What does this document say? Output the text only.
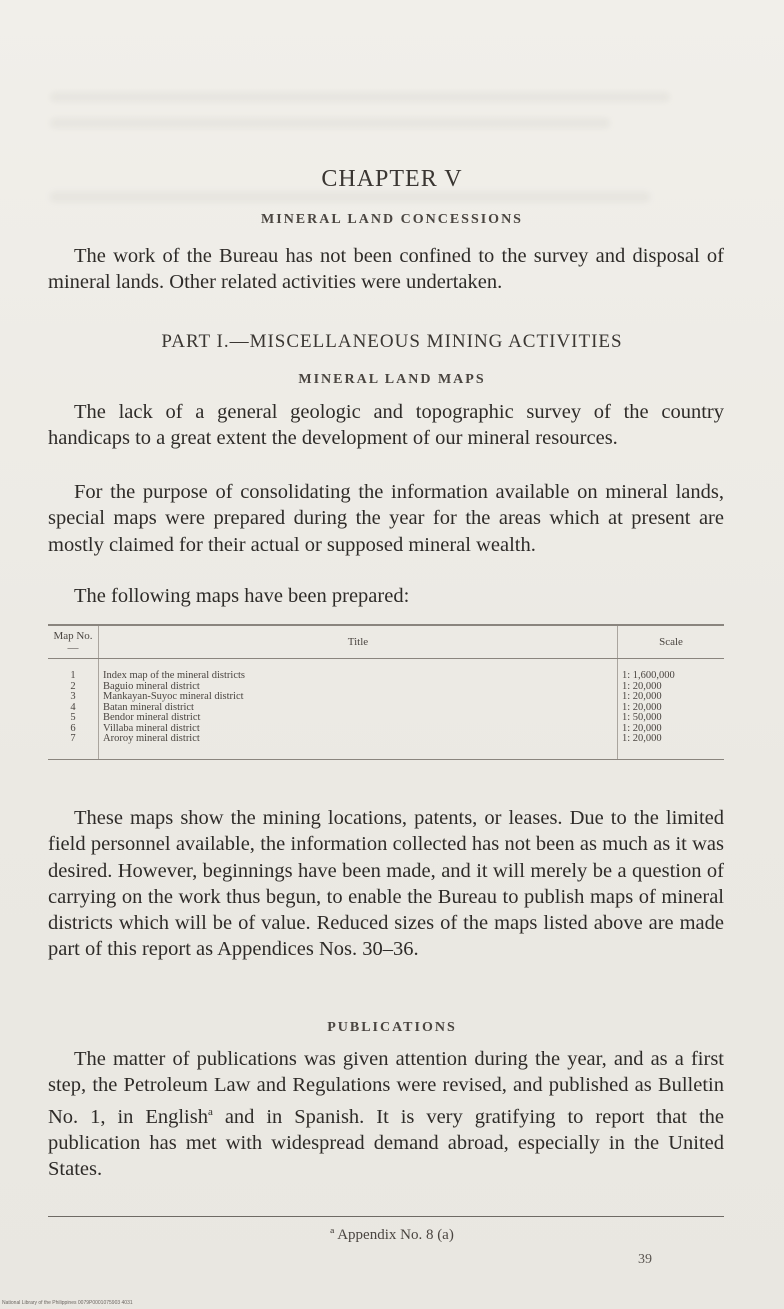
CHAPTER V
MINERAL LAND CONCESSIONS

The work of the Bureau has not been confined to the survey and disposal of mineral lands. Other related activities were undertaken.

PART I.—MISCELLANEOUS MINING ACTIVITIES
MINERAL LAND MAPS

The lack of a general geologic and topographic survey of the country handicaps to a great extent the development of our mineral resources.

For the purpose of consolidating the information available on mineral lands, special maps were prepared during the year for the areas which at present are mostly claimed for their actual or supposed mineral wealth.

The following maps have been prepared:

Map No.—	Title	Scale
1	Index map of the mineral districts	1: 1,600,000
2	Baguio mineral district	1: 20,000
3	Mankayan-Suyoc mineral district	1: 20,000
4	Batan mineral district	1: 20,000
5	Bendor mineral district	1: 50,000
6	Villaba mineral district	1: 20,000
7	Aroroy mineral district	1: 20,000

These maps show the mining locations, patents, or leases. Due to the limited field personnel available, the information collected has not been as much as it was desired. However, beginnings have been made, and it will merely be a question of carrying on the work thus begun, to enable the Bureau to publish maps of mineral districts which will be of value. Reduced sizes of the maps listed above are made part of this report as Appendices Nos. 30–36.

PUBLICATIONS

The matter of publications was given attention during the year, and as a first step, the Petroleum Law and Regulations were revised, and published as Bulletin No. 1, in English$^a$ and in Spanish. It is very gratifying to report that the publication has met with widespread demand abroad, especially in the United States.

ª Appendix No. 8 (a)
39
National Library of the Philippines 0079P0001075903 4031
